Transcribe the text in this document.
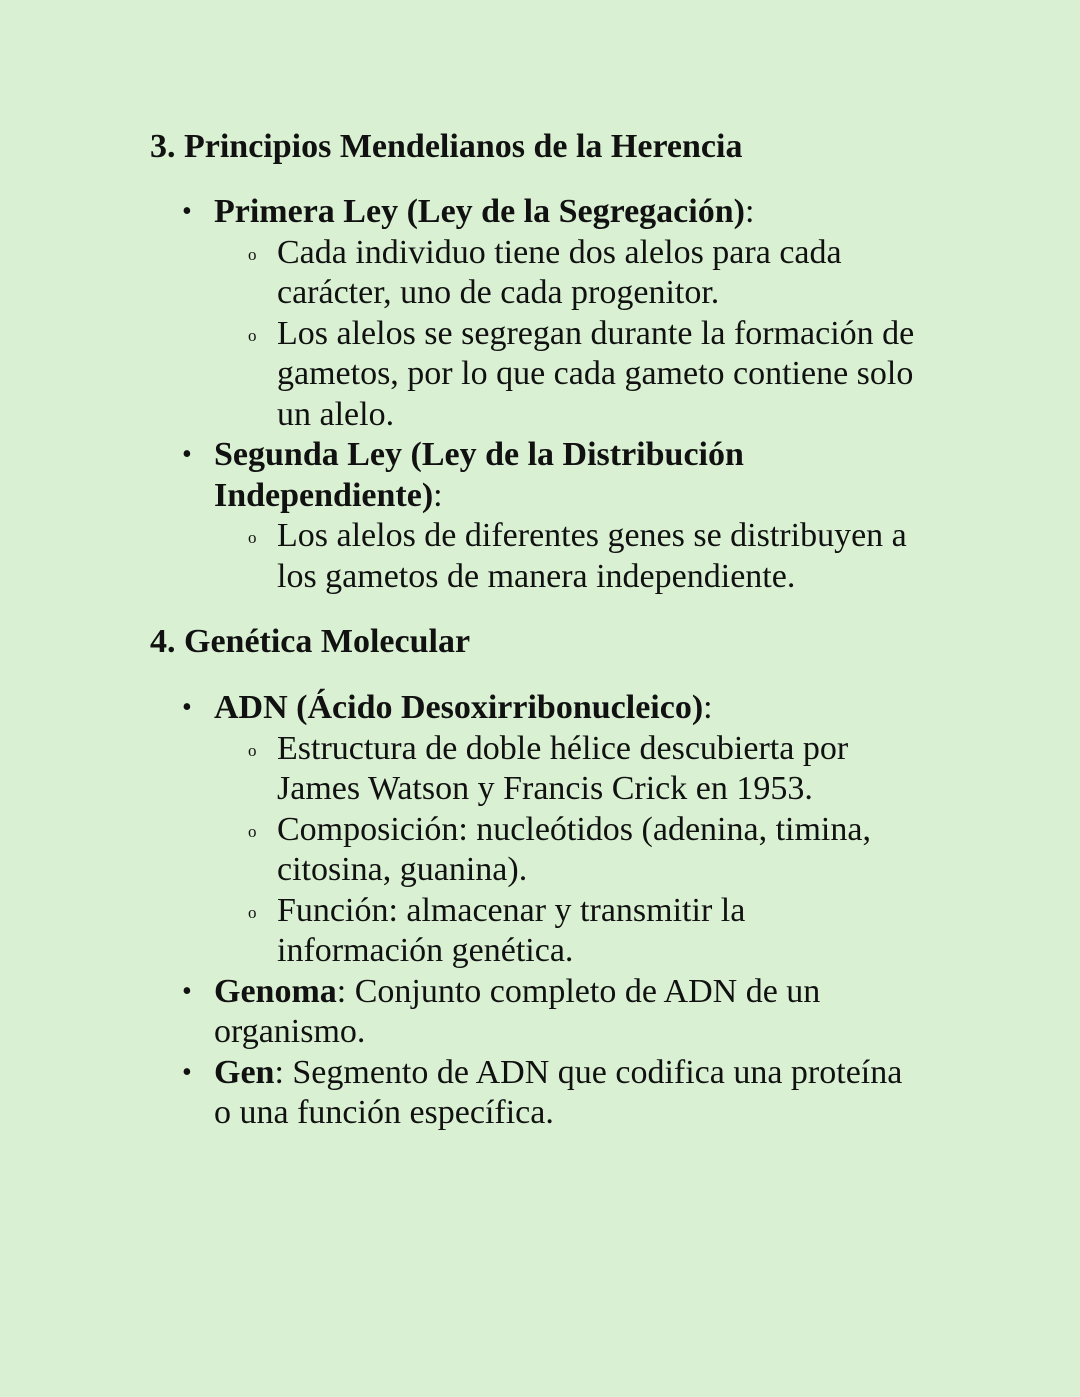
3. Principios Mendelianos de la Herencia
• Primera Ley (Ley de la Segregación):
o Cada individuo tiene dos alelos para cada carácter, uno de cada progenitor.
o Los alelos se segregan durante la formación de gametos, por lo que cada gameto contiene solo un alelo.
• Segunda Ley (Ley de la Distribución Independiente):
o Los alelos de diferentes genes se distribuyen a los gametos de manera independiente.
4. Genética Molecular
• ADN (Ácido Desoxirribonucleico):
o Estructura de doble hélice descubierta por James Watson y Francis Crick en 1953.
o Composición: nucleótidos (adenina, timina, citosina, guanina).
o Función: almacenar y transmitir la información genética.
• Genoma: Conjunto completo de ADN de un organismo.
• Gen: Segmento de ADN que codifica una proteína o una función específica.
